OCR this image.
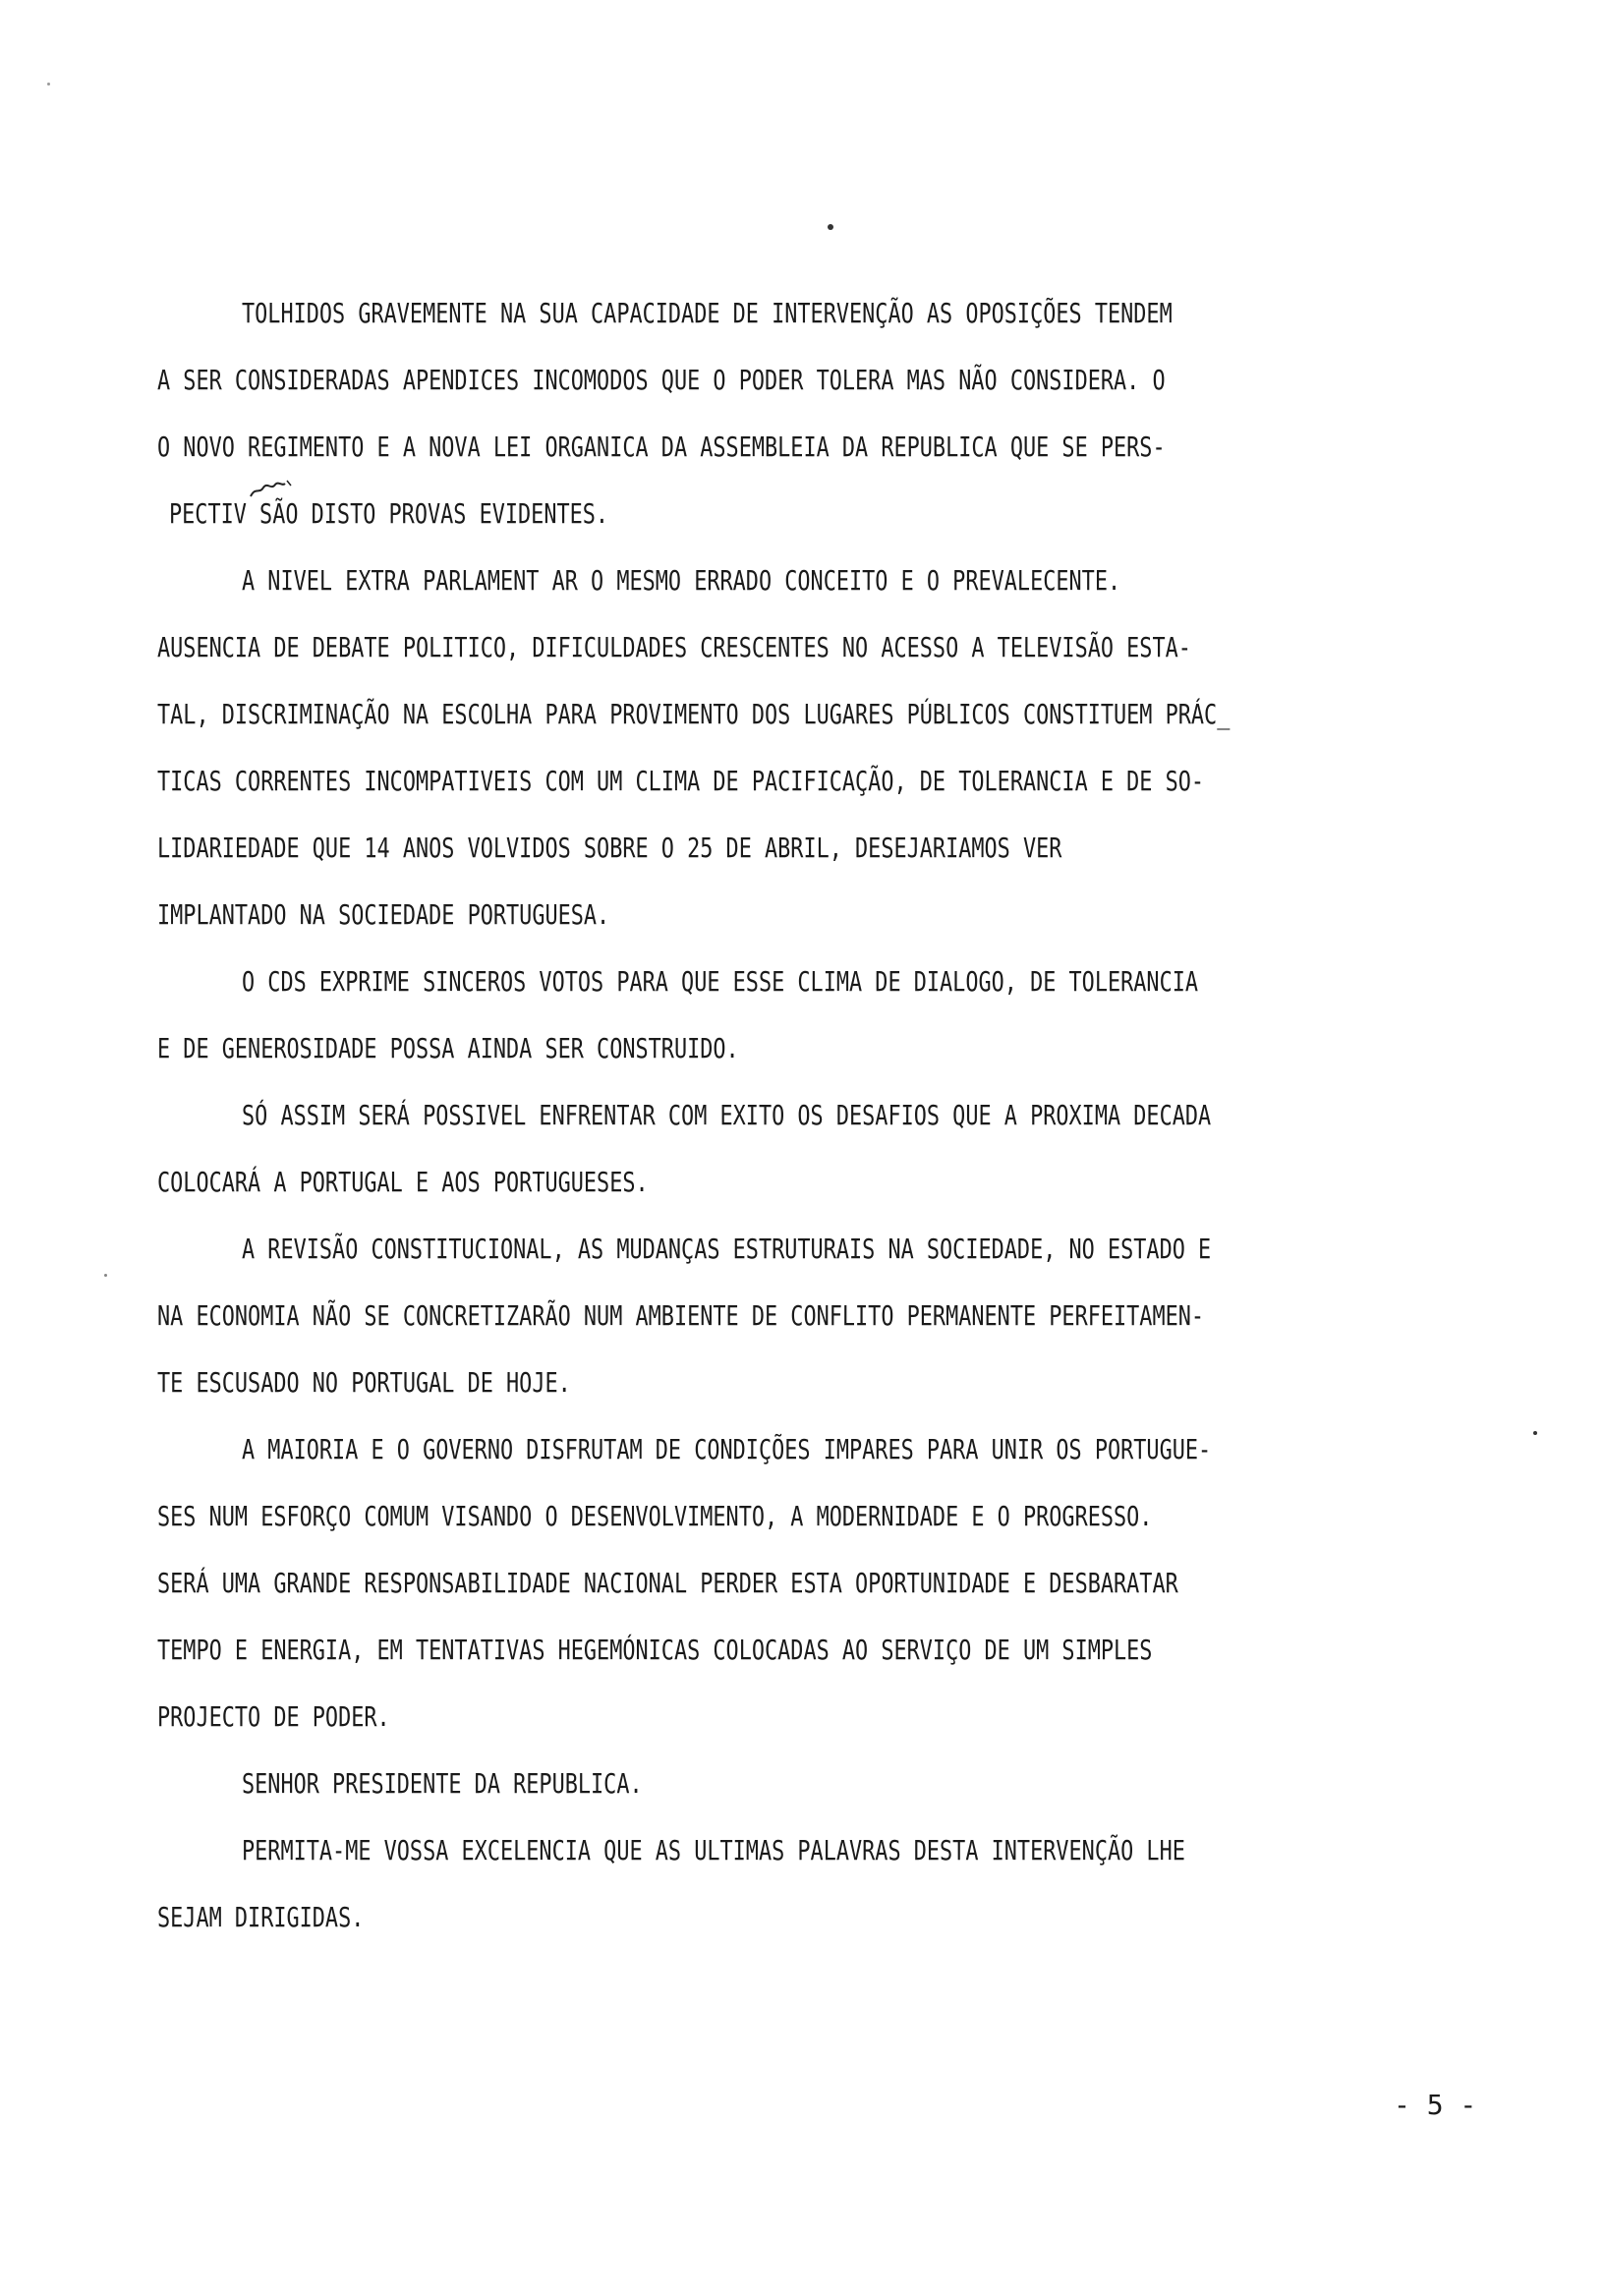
TOLHIDOS GRAVEMENTE NA SUA CAPACIDADE DE INTERVENÇÃO AS OPOSIÇÕES TENDEM
A SER CONSIDERADAS APENDICES INCOMODOS QUE O PODER TOLERA MAS NÃO CONSIDERA. O
O NOVO REGIMENTO E A NOVA LEI ORGANICA DA ASSEMBLEIA DA REPUBLICA QUE SE PERS-
PECTIV SÃO DISTO PROVAS EVIDENTES.
A NIVEL EXTRA PARLAMENT AR O MESMO ERRADO CONCEITO E O PREVALECENTE.
AUSENCIA DE DEBATE POLITICO, DIFICULDADES CRESCENTES NO ACESSO A TELEVISÃO ESTA-
TAL, DISCRIMINAÇÃO NA ESCOLHA PARA PROVIMENTO DOS LUGARES PÚBLICOS CONSTITUEM PRÁC_
TICAS CORRENTES INCOMPATIVEIS COM UM CLIMA DE PACIFICAÇÃO, DE TOLERANCIA E DE SO-
LIDARIEDADE QUE 14 ANOS VOLVIDOS SOBRE O 25 DE ABRIL, DESEJARIAMOS VER
IMPLANTADO NA SOCIEDADE PORTUGUESA.
O CDS EXPRIME SINCEROS VOTOS PARA QUE ESSE CLIMA DE DIALOGO, DE TOLERANCIA
E DE GENEROSIDADE POSSA AINDA SER CONSTRUIDO.
SÓ ASSIM SERÁ POSSIVEL ENFRENTAR COM EXITO OS DESAFIOS QUE A PROXIMA DECADA
COLOCARÁ A PORTUGAL E AOS PORTUGUESES.
A REVISÃO CONSTITUCIONAL, AS MUDANÇAS ESTRUTURAIS NA SOCIEDADE, NO ESTADO E
NA ECONOMIA NÃO SE CONCRETIZARÃO NUM AMBIENTE DE CONFLITO PERMANENTE PERFEITAMEN-
TE ESCUSADO NO PORTUGAL DE HOJE.
A MAIORIA E O GOVERNO DISFRUTAM DE CONDIÇÕES IMPARES PARA UNIR OS PORTUGUE-
SES NUM ESFORÇO COMUM VISANDO O DESENVOLVIMENTO, A MODERNIDADE E O PROGRESSO.
SERÁ UMA GRANDE RESPONSABILIDADE NACIONAL PERDER ESTA OPORTUNIDADE E DESBARATAR
TEMPO E ENERGIA, EM TENTATIVAS HEGEMÓNICAS COLOCADAS AO SERVIÇO DE UM SIMPLES
PROJECTO DE PODER.
SENHOR PRESIDENTE DA REPUBLICA.
PERMITA-ME VOSSA EXCELENCIA QUE AS ULTIMAS PALAVRAS DESTA INTERVENÇÃO LHE
SEJAM DIRIGIDAS.
- 5 -
